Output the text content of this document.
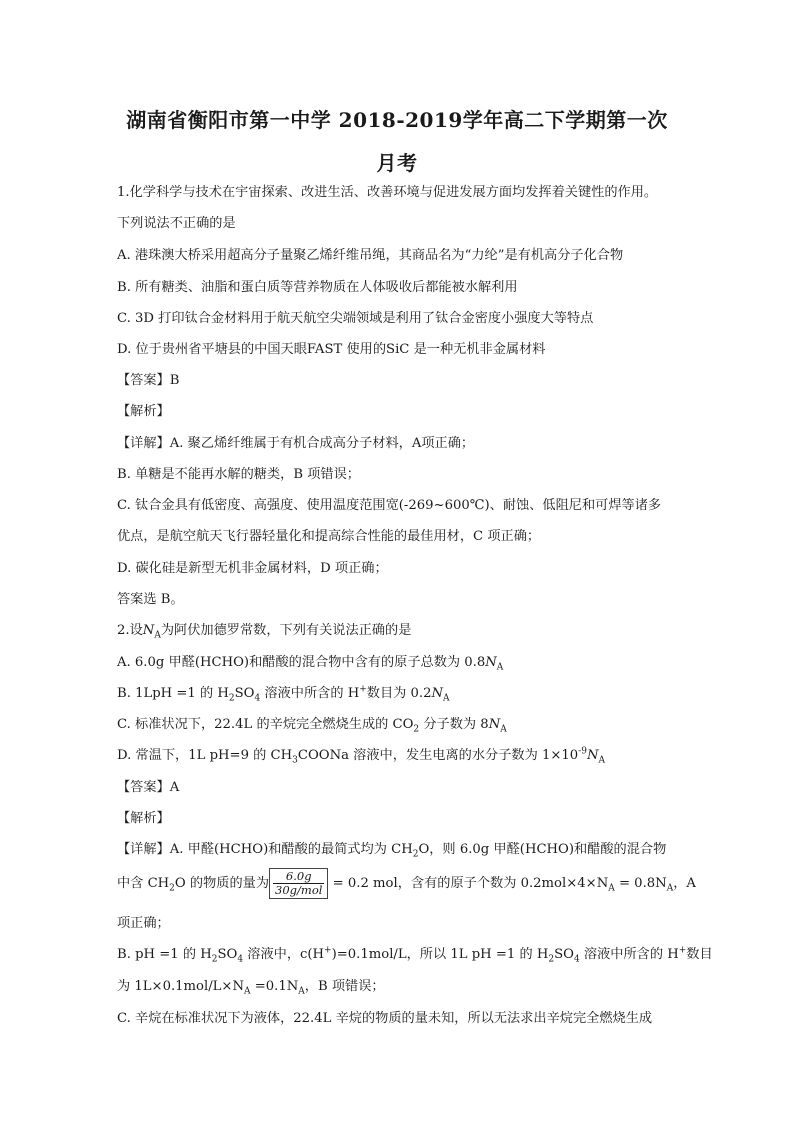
湖南省衡阳市第一中学 2018-2019学年高二下学期第一次
月考
1.化学科学与技术在宇宙探索、改进生活、改善环境与促进发展方面均发挥着关键性的作用。
下列说法不正确的是
A. 港珠澳大桥采用超高分子量聚乙烯纤维吊绳，其商品名为“力纶”是有机高分子化合物
B. 所有糖类、油脂和蛋白质等营养物质在人体吸收后都能被水解利用
C. 3D 打印钛合金材料用于航天航空尖端领域是利用了钛合金密度小强度大等特点
D. 位于贵州省平塘县的中国天眼FAST 使用的SiC 是一种无机非金属材料
【答案】B
【解析】
【详解】A. 聚乙烯纤维属于有机合成高分子材料，A项正确；
B. 单糖是不能再水解的糖类，B 项错误；
C. 钛合金具有低密度、高强度、使用温度范围宽(-269~600℃)、耐蚀、低阻尼和可焊等诸多
优点，是航空航天飞行器轻量化和提高综合性能的最佳用材，C 项正确；
D. 碳化硅是新型无机非金属材料，D 项正确；
答案选 B。
2.设$N_A$为阿伏加德罗常数，下列有关说法正确的是
A. 6.0g 甲醛(HCHO)和醋酸的混合物中含有的原子总数为 $0.8N_A$
B. 1LpH =1 的 $H_2SO_4$ 溶液中所含的 H+数目为 $0.2N_A$
C. 标准状况下，22.4L 的辛烷完全燃烧生成的 $CO_2$ 分子数为 $8N_A$
D. 常温下，1L pH=9 的 $CH_3COONa$ 溶液中，发生电离的水分子数为 $1\times 10^{-9}N_A$
【答案】A
【解析】
【详解】A. 甲醛(HCHO)和醋酸的最简式均为 $CH_2O$，则 6.0g 甲醛(HCHO)和醋酸的混合物
中含 $CH_2O$ 的物质的量为 $\frac{6.0g}{\text{30g/mol}} = 0.2$ mol，含有的原子个数为 $0.2mol\times 4\times N_A = 0.8N_A$，A
项正确；
B. pH =1 的 $H_2SO_4$ 溶液中，c(H+)=0.1mol/L，所以 1L pH =1 的 $H_2SO_4$ 溶液中所含的 H+数目
为 $1L\times 0.1mol/L\times N_A =0.1N_A$，B 项错误；
C. 辛烷在标准状况下为液体，22.4L 辛烷的物质的量未知，所以无法求出辛烷完全燃烧生成
